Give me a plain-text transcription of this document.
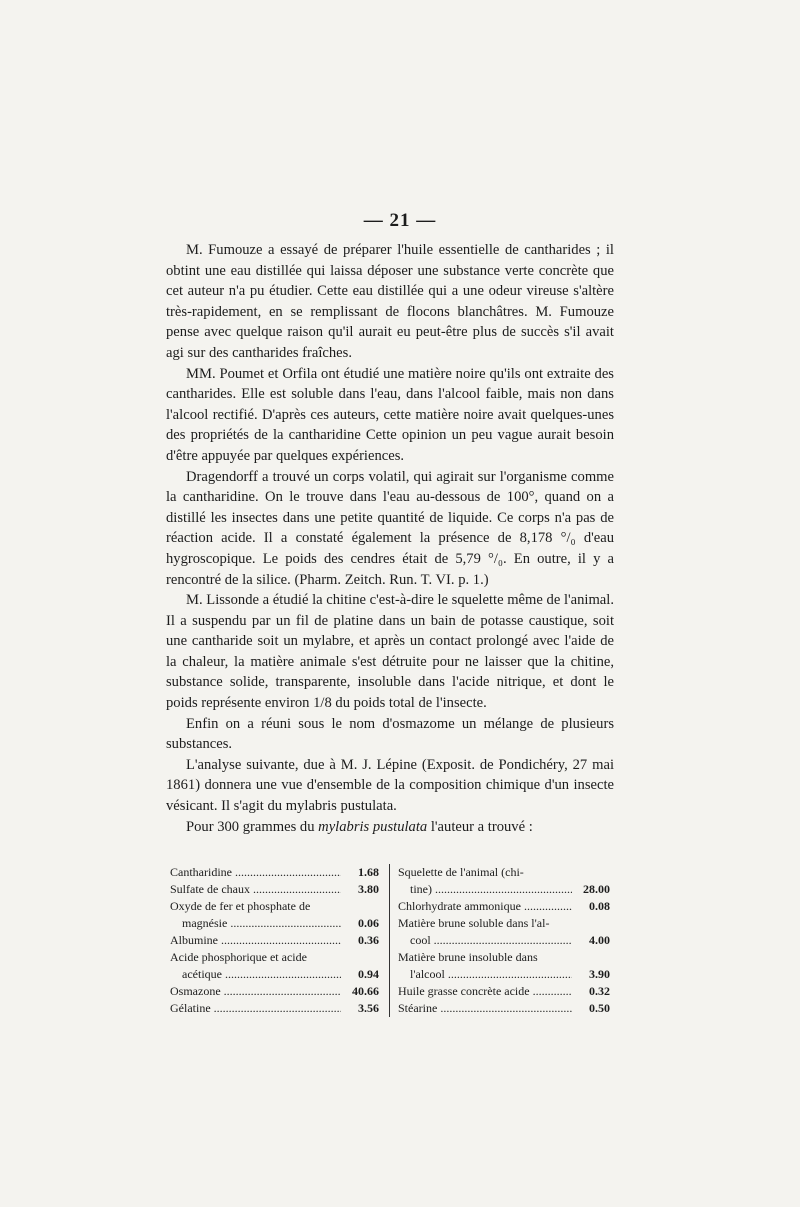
— 21 —

M. Fumouze a essayé de préparer l'huile essentielle de cantharides ; il obtint une eau distillée qui laissa déposer une substance verte concrète que cet auteur n'a pu étudier. Cette eau distillée qui a une odeur vireuse s'altère très-rapidement, en se remplissant de flocons blanchâtres. M. Fumouze pense avec quelque raison qu'il aurait eu peut-être plus de succès s'il avait agi sur des cantharides fraîches.

MM. Poumet et Orfila ont étudié une matière noire qu'ils ont extraite des cantharides. Elle est soluble dans l'eau, dans l'alcool faible, mais non dans l'alcool rectifié. D'après ces auteurs, cette matière noire avait quelques-unes des propriétés de la cantharidine Cette opinion un peu vague aurait besoin d'être appuyée par quelques expériences.

Dragendorff a trouvé un corps volatil, qui agirait sur l'organisme comme la cantharidine. On le trouve dans l'eau au-dessous de 100°, quand on a distillé les insectes dans une petite quantité de liquide. Ce corps n'a pas de réaction acide. Il a constaté également la présence de 8,178 °/₀ d'eau hygroscopique. Le poids des cendres était de 5,79 °/₀. En outre, il y a rencontré de la silice. (Pharm. Zeitch. Run. T. VI. p. 1.)

M. Lissonde a étudié la chitine c'est-à-dire le squelette même de l'animal. Il a suspendu par un fil de platine dans un bain de potasse caustique, soit une cantharide soit un mylabre, et après un contact prolongé avec l'aide de la chaleur, la matière animale s'est détruite pour ne laisser que la chitine, substance solide, transparente, insoluble dans l'acide nitrique, et dont le poids représente environ 1/8 du poids total de l'insecte.

Enfin on a réuni sous le nom d'osmazome un mélange de plusieurs substances.

L'analyse suivante, due à M. J. Lépine (Exposit. de Pondichéry, 27 mai 1861) donnera une vue d'ensemble de la composition chimique d'un insecte vésicant. Il s'agit du mylabris pustulata.

Pour 300 grammes du mylabris pustulata l'auteur a trouvé :

Cantharidine .....	1.68
Sulfate de chaux .....	3.80
Oxyde de fer et phosphate de
magnésie .....	0.06
Albumine .....	0.36
Acide phosphorique et acide
acétique .....	0.94
Osmazone .....	40.66
Gélatine .....	3.56
Squelette de l'animal (chi-
tine) .....	28.00
Chlorhydrate ammonique .....	0.08
Matière brune soluble dans l'al-
cool .....	4.00
Matière brune insoluble dans
l'alcool .....	3.90
Huile grasse concrète acide .....	0.32
Stéarine .....	0.50
